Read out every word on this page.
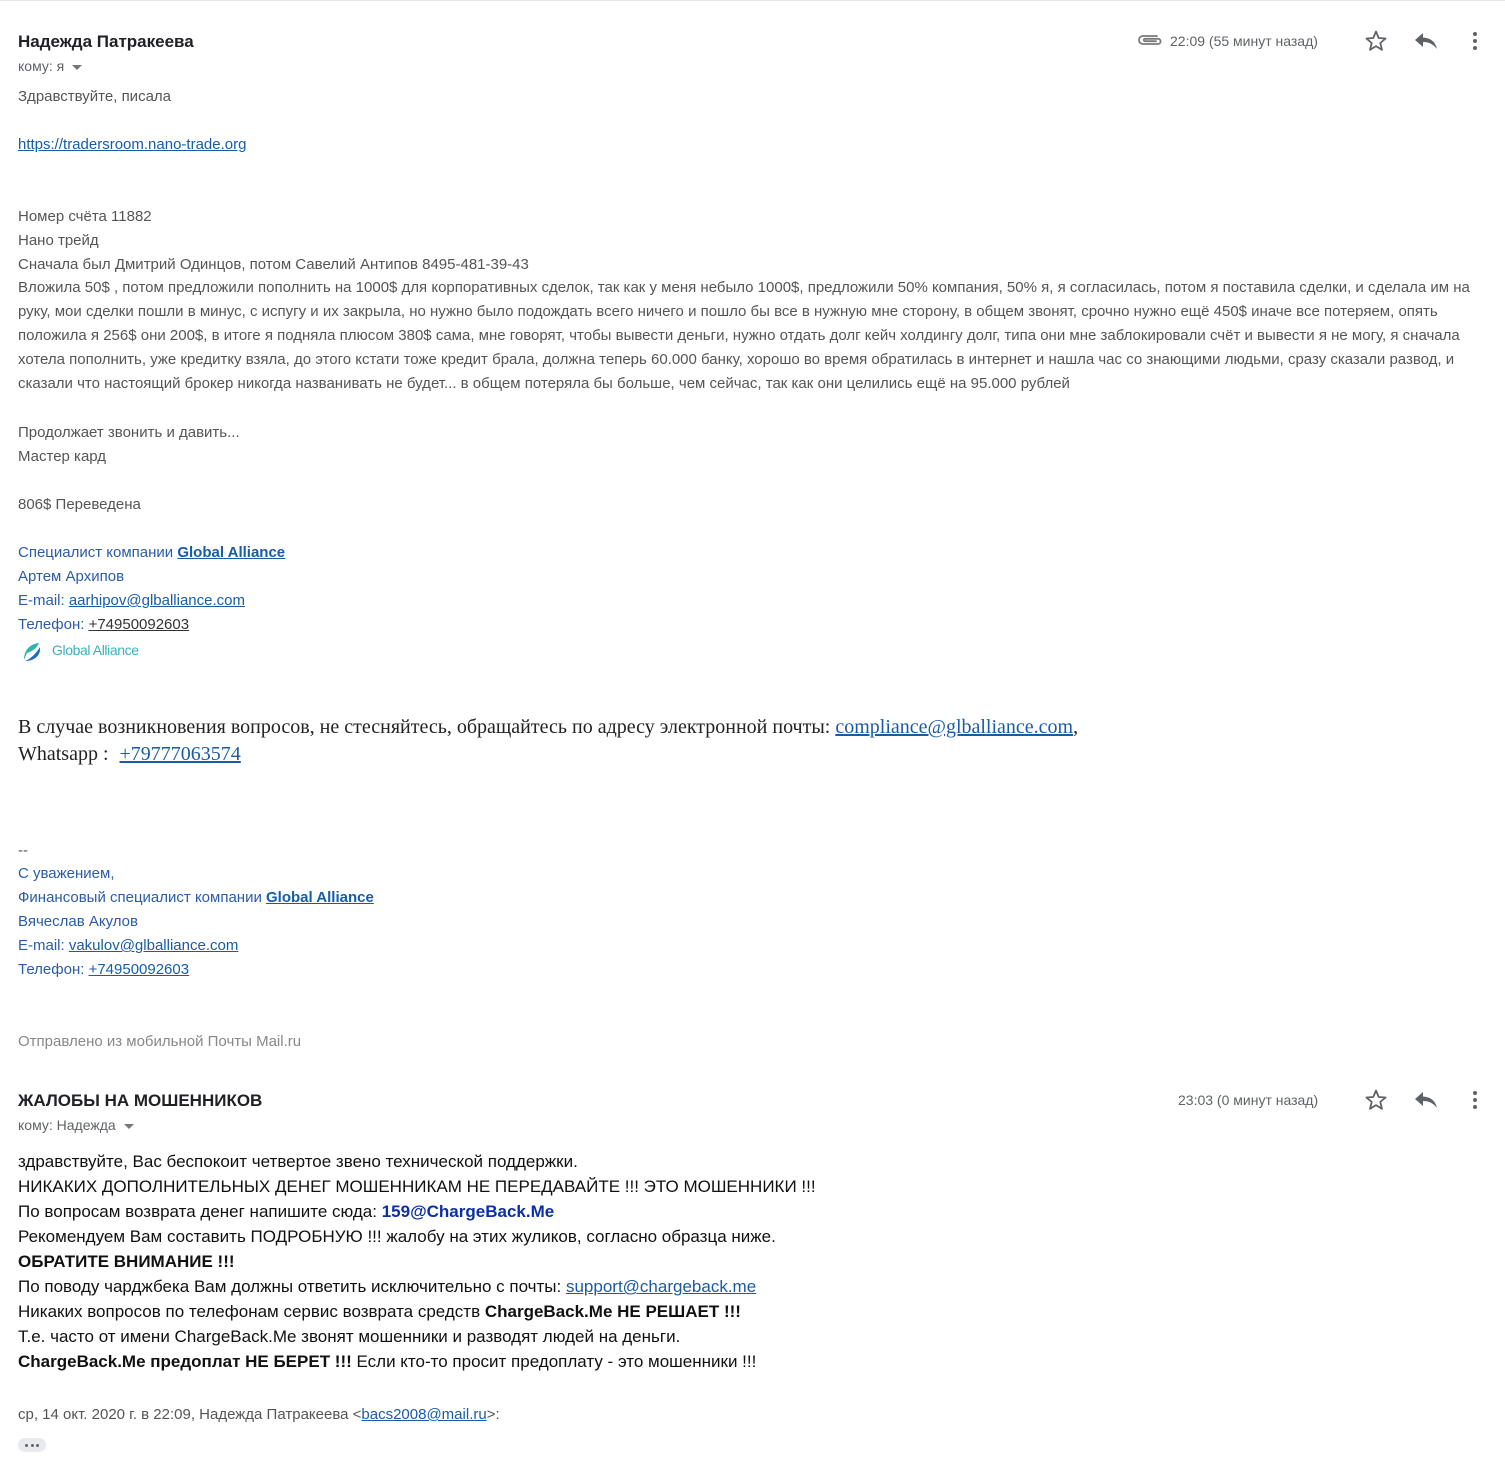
Надежда Патракеева
кому: я
22:09 (55 минут назад)
Здравствуйте, писала
https://tradersroom.nano-trade.org
Номер счёта 11882
Нано трейд
Сначала был Дмитрий Одинцов, потом Савелий Антипов 8495-481-39-43
Вложила 50$ , потом предложили пополнить на 1000$ для корпоративных сделок, так как у меня небыло 1000$, предложили 50% компания, 50% я, я согласилась, потом я поставила сделки, и сделала им на руку, мои сделки пошли в минус, с испугу и их закрыла, но нужно было подождать всего ничего и пошло бы все в нужную мне сторону, в общем звонят, срочно нужно ещё 450$ иначе все потеряем, опять положила я 256$ они 200$, в итоге я подняла плюсом 380$ сама, мне говорят, чтобы вывести деньги, нужно отдать долг кейч холдингу долг, типа они мне заблокировали счёт и вывести я не могу, я сначала хотела пополнить, уже кредитку взяла, до этого кстати тоже кредит брала, должна теперь 60.000 банку, хорошо во время обратилась в интернет и нашла час со знающими людьми, сразу сказали развод, и сказали что настоящий брокер никогда названивать не будет... в общем потеряла бы больше, чем сейчас, так как они целились ещё на 95.000 рублей
Продолжает звонить и давить...
Мастер кард
806$ Переведена
Специалист компании Global Alliance
Артем Архипов
E-mail: aarhipov@glballiance.com
Телефон: +74950092603
Global Alliance
В случае возникновения вопросов, не стесняйтесь, обращайтесь по адресу электронной почты: compliance@glballiance.com,
Whatsapp : +79777063574
--
С уважением,
Финансовый специалист компании Global Alliance
Вячеслав Акулов
E-mail: vakulov@glballiance.com
Телефон: +74950092603
Отправлено из мобильной Почты Mail.ru
ЖАЛОБЫ НА МОШЕННИКОВ
кому: Надежда
23:03 (0 минут назад)
здравствуйте, Вас беспокоит четвертое звено технической поддержки.
НИКАКИХ ДОПОЛНИТЕЛЬНЫХ ДЕНЕГ МОШЕННИКАМ НЕ ПЕРЕДАВАЙТЕ !!! ЭТО МОШЕННИКИ !!!
По вопросам возврата денег напишите сюда: 159@ChargeBack.Me
Рекомендуем Вам составить ПОДРОБНУЮ !!! жалобу на этих жуликов, согласно образца ниже.
ОБРАТИТЕ ВНИМАНИЕ !!!
По поводу чарджбека Вам должны ответить исключительно с почты: support@chargeback.me
Никаких вопросов по телефонам сервис возврата средств ChargeBack.Me НЕ РЕШАЕТ !!!
Т.е. часто от имени ChargeBack.Me звонят мошенники и разводят людей на деньги.
ChargeBack.Me предоплат НЕ БЕРЕТ !!! Если кто-то просит предоплату - это мошенники !!!
ср, 14 окт. 2020 г. в 22:09, Надежда Патракеева <bacs2008@mail.ru>:
